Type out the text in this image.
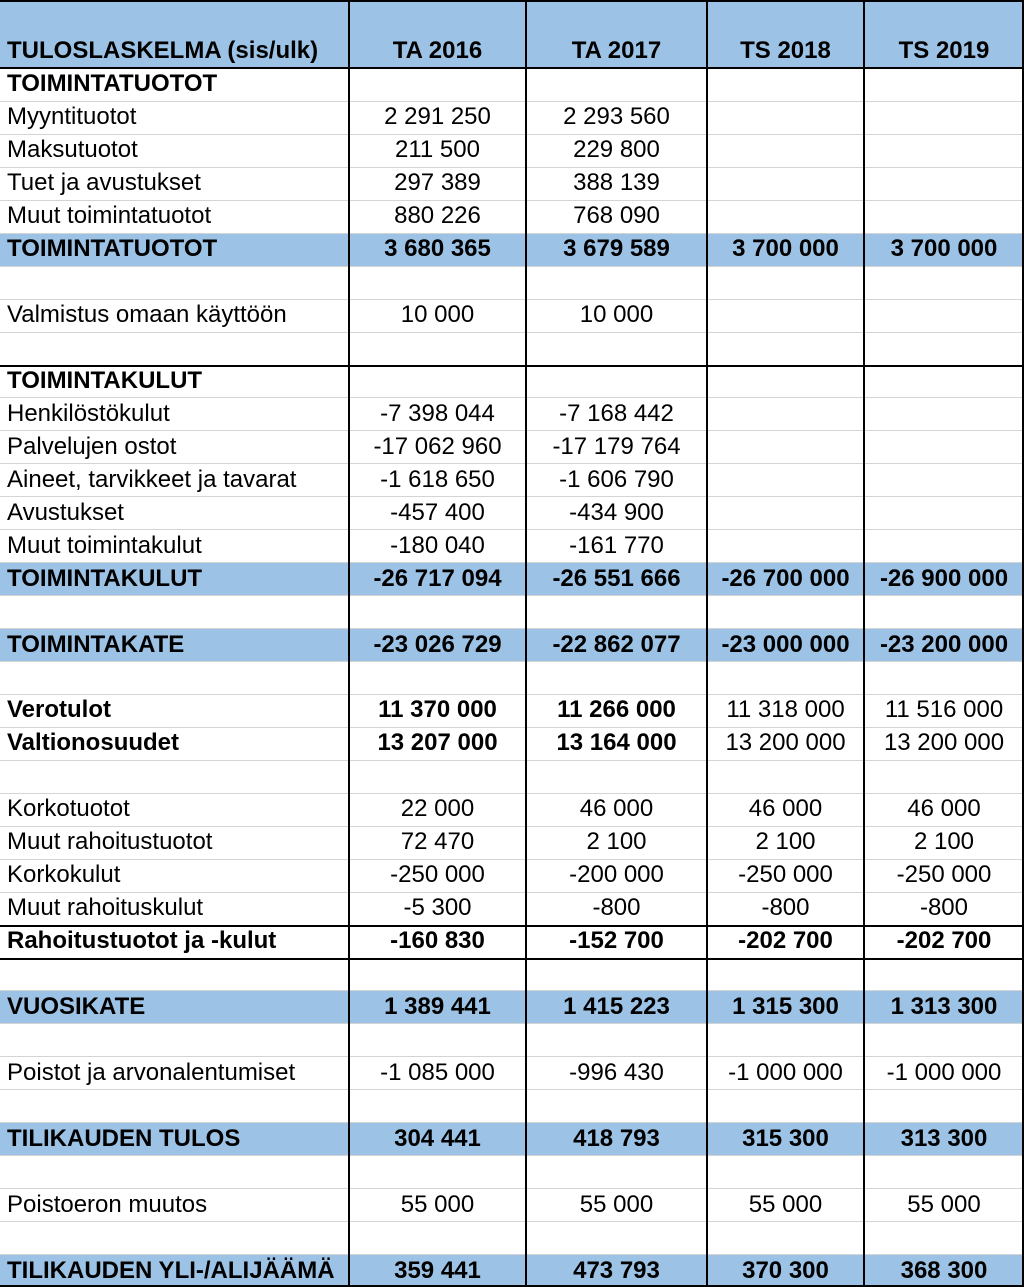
TULOSLASKELMA (sis/ulk)	TA 2016	TA 2017	TS 2018	TS 2019
TOIMINTATUOTOT
Myyntituotot	2 291 250	2 293 560
Maksutuotot	211 500	229 800
Tuet ja avustukset	297 389	388 139
Muut toimintatuotot	880 226	768 090
TOIMINTATUOTOT	3 680 365	3 679 589	3 700 000	3 700 000
Valmistus omaan käyttöön	10 000	10 000
TOIMINTAKULUT
Henkilöstökulut	-7 398 044	-7 168 442
Palvelujen ostot	-17 062 960	-17 179 764
Aineet, tarvikkeet ja tavarat	-1 618 650	-1 606 790
Avustukset	-457 400	-434 900
Muut toimintakulut	-180 040	-161 770
TOIMINTAKULUT	-26 717 094	-26 551 666	-26 700 000	-26 900 000
TOIMINTAKATE	-23 026 729	-22 862 077	-23 000 000	-23 200 000
Verotulot	11 370 000	11 266 000	11 318 000	11 516 000
Valtionosuudet	13 207 000	13 164 000	13 200 000	13 200 000
Korkotuotot	22 000	46 000	46 000	46 000
Muut rahoitustuotot	72 470	2 100	2 100	2 100
Korkokulut	-250 000	-200 000	-250 000	-250 000
Muut rahoituskulut	-5 300	-800	-800	-800
Rahoitustuotot ja -kulut	-160 830	-152 700	-202 700	-202 700
VUOSIKATE	1 389 441	1 415 223	1 315 300	1 313 300
Poistot ja arvonalentumiset	-1 085 000	-996 430	-1 000 000	-1 000 000
TILIKAUDEN TULOS	304 441	418 793	315 300	313 300
Poistoeron muutos	55 000	55 000	55 000	55 000
TILIKAUDEN YLI-/ALIJÄÄMÄ	359 441	473 793	370 300	368 300
